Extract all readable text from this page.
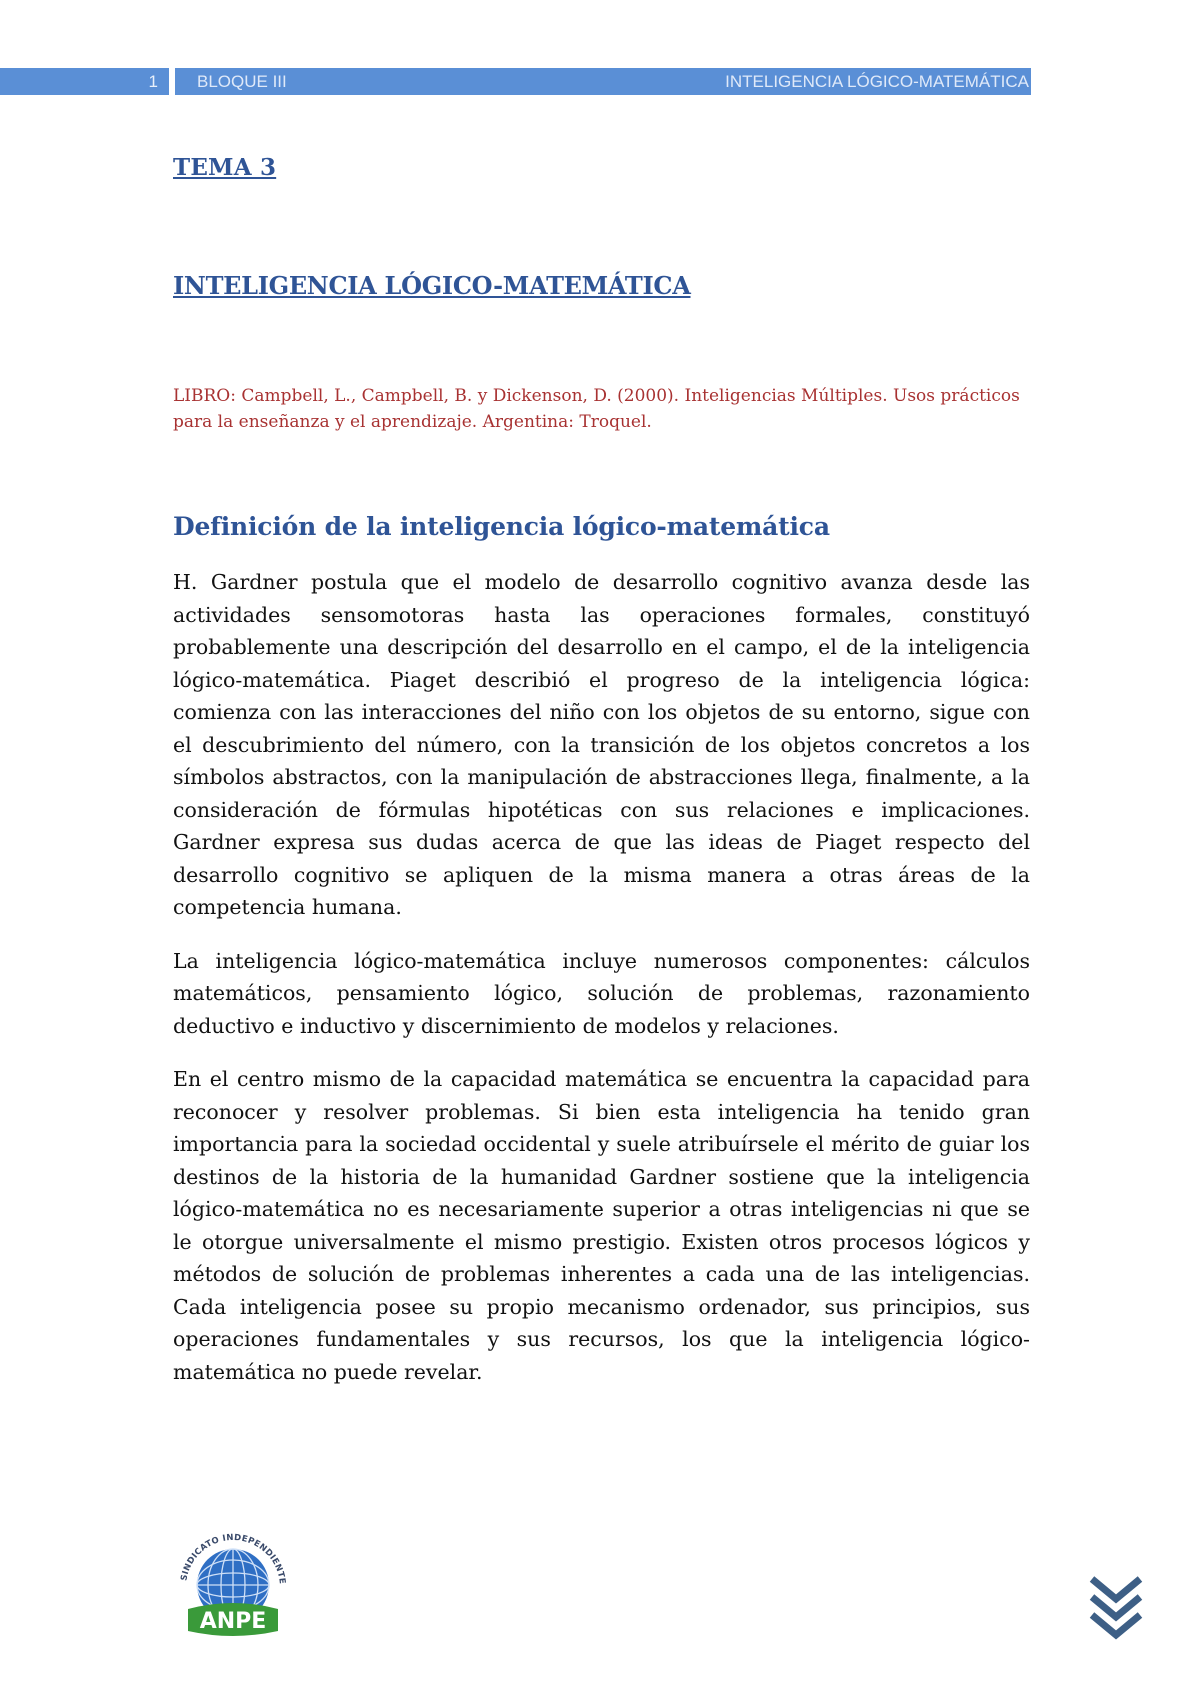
1	BLOQUE III	INTELIGENCIA LÓGICO-MATEMÁTICA
TEMA 3
INTELIGENCIA LÓGICO-MATEMÁTICA

LIBRO: Campbell, L., Campbell, B. y Dickenson, D. (2000). Inteligencias Múltiples. Usos prácticos para la enseñanza y el aprendizaje. Argentina: Troquel.

Definición de la inteligencia lógico-matemática

H. Gardner postula que el modelo de desarrollo cognitivo avanza desde las actividades sensomotoras hasta las operaciones formales, constituyó probablemente una descripción del desarrollo en el campo, el de la inteligencia lógico-matemática. Piaget describió el progreso de la inteligencia lógica: comienza con las interacciones del niño con los objetos de su entorno, sigue con el descubrimiento del número, con la transición de los objetos concretos a los símbolos abstractos, con la manipulación de abstracciones llega, finalmente, a la consideración de fórmulas hipotéticas con sus relaciones e implicaciones. Gardner expresa sus dudas acerca de que las ideas de Piaget respecto del desarrollo cognitivo se apliquen de la misma manera a otras áreas de la competencia humana.

La inteligencia lógico-matemática incluye numerosos componentes: cálculos matemáticos, pensamiento lógico, solución de problemas, razonamiento deductivo e inductivo y discernimiento de modelos y relaciones.

En el centro mismo de la capacidad matemática se encuentra la capacidad para reconocer y resolver problemas. Si bien esta inteligencia ha tenido gran importancia para la sociedad occidental y suele atribuírsele el mérito de guiar los destinos de la historia de la humanidad Gardner sostiene que la inteligencia lógico-matemática no es necesariamente superior a otras inteligencias ni que se le otorgue universalmente el mismo prestigio. Existen otros procesos lógicos y métodos de solución de problemas inherentes a cada una de las inteligencias. Cada inteligencia posee su propio mecanismo ordenador, sus principios, sus operaciones fundamentales y sus recursos, los que la inteligencia lógico-matemática no puede revelar.

SINDICATO INDEPENDIENTE
ANPE
